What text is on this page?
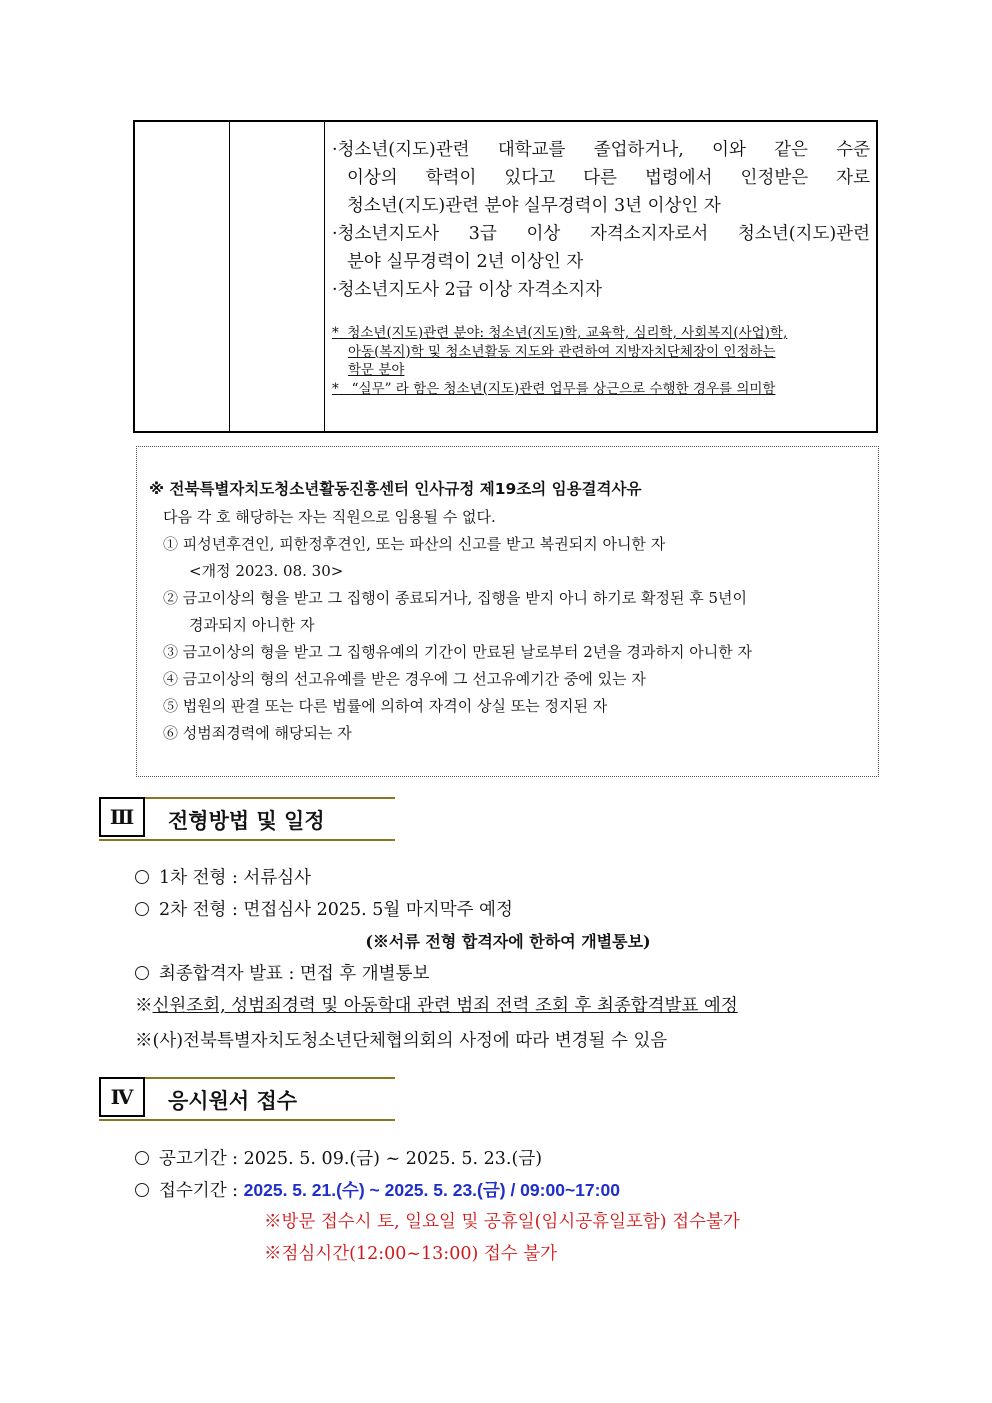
·청소년(지도)관련 대학교를 졸업하거나, 이와 같은 수준
이상의 학력이 있다고 다른 법령에서 인정받은 자로
청소년(지도)관련 분야 실무경력이 3년 이상인 자
·청소년지도사 3급 이상 자격소지자로서 청소년(지도)관련
분야 실무경력이 2년 이상인 자
·청소년지도사 2급 이상 자격소지자
* 청소년(지도)관련 분야: 청소년(지도)학, 교육학, 심리학, 사회복지(사업)학,
아동(복지)학 및 청소년활동 지도와 관련하여 지방자치단체장이 인정하는
학문 분야
* “실무” 라 함은 청소년(지도)관련 업무를 상근으로 수행한 경우를 의미함
※ 전북특별자치도청소년활동진흥센터 인사규정 제19조의 임용결격사유
다음 각 호 해당하는 자는 직원으로 임용될 수 없다.
① 피성년후견인, 피한정후견인, 또는 파산의 신고를 받고 복권되지 아니한 자
<개정 2023. 08. 30>
② 금고이상의 형을 받고 그 집행이 종료되거나, 집행을 받지 아니 하기로 확정된 후 5년이
경과되지 아니한 자
③ 금고이상의 형을 받고 그 집행유예의 기간이 만료된 날로부터 2년을 경과하지 아니한 자
④ 금고이상의 형의 선고유예를 받은 경우에 그 선고유예기간 중에 있는 자
⑤ 법원의 판결 또는 다른 법률에 의하여 자격이 상실 또는 정지된 자
⑥ 성범죄경력에 해당되는 자
Ⅲ 전형방법 및 일정
1차 전형 : 서류심사
2차 전형 : 면접심사 2025. 5월 마지막주 예정
(※서류 전형 합격자에 한하여 개별통보)
최종합격자 발표 : 면접 후 개별통보
※신원조회, 성범죄경력 및 아동학대 관련 범죄 전력 조회 후 최종합격발표 예정
※(사)전북특별자치도청소년단체협의회의 사정에 따라 변경될 수 있음
Ⅳ 응시원서 접수
공고기간 : 2025. 5. 09.(금) ~ 2025. 5. 23.(금)
접수기간 : 2025. 5. 21.(수) ~ 2025. 5. 23.(금) / 09:00~17:00
※방문 접수시 토, 일요일 및 공휴일(임시공휴일포함) 접수불가
※점심시간(12:00~13:00) 접수 불가
